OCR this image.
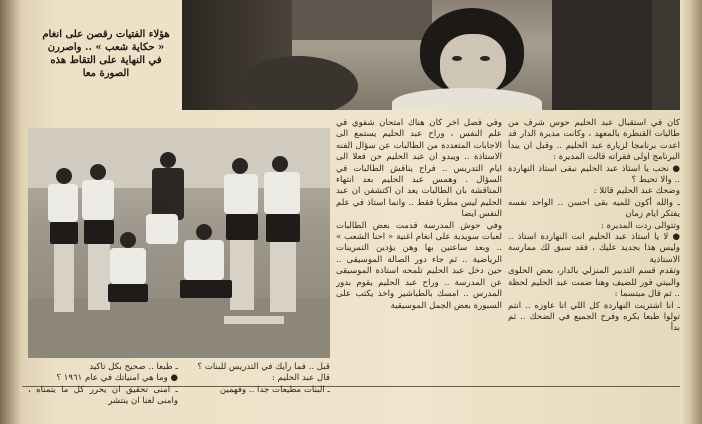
هؤلاء الفتيات رقصن على انغام « حكاية شعب » .. واصررن في النهاية على التقاط هذه الصورة معا

كان في استقبال عبد الحليم حوس شرف من طالبات القنطرة بالمعهد ، وكانت مديرة الدار قد اعدت برنامجا لزيارة عبد الحليم .. وقبل ان يبدأ البرنامج اولى فقراته قالت المديرة :

● نحب يا استاذ عبد الحليم نبقى استاذ النهاردة .. والا تحيط ؟

وضحك عبد الحليم قائلا :

ـ والله أكون للميه بقى احسن .. الواحد نفسه يفتكر ايام زمان

وتتوالى ردت المديرة :

● لا يا استاذ عبد الحليم انت النهاردة استاذ .. وليس هذا بجديد عليك ، فقد سبق لك ممارسة الاستاذية

وتقدم قسم التدبير المنزلي بالدار، بعض الحلوى والبيتي فور للضيف وهنا ضمت عبد الحليم لحظة .. ثم قال مبتسما :

ـ انا اشتريت النهاردة كل اللي انا عاوزه .. انتم تولوا طبعا بكره وفرح الجميع في الضحك .. ثم بدأ

وفي فصل اخر كان هناك امتحان شفوي في علم النفس ، وراح عبد الحليم يستمع الى الاجابات المتعددة من الطالبات عن سؤال الفنه الاستاذة .. ويبدو ان عبد الحليم حن فعلا الى ايام التدريس .. فراح يناقش الطالبات في السؤال . وهمس عبد الحليم بعد انتهاء المناقشة بان الطالبات يعد ان اكتشفن ان عبد الحليم ليس مطربا فقط .. وانما استاذ في علم النفس ايضا

وفي حوش المدرسة قدمت بعض الطالبات لعبات سويدية على انغام اغنية « احنا الشعب » .. وبعد ساعتين بها وهن يؤدين التمرينات الرياضية .. ثم جاء دور الصالة الموسيقى .. حين دخل عبد الحليم تلمحه استاذة الموسيقى عن المدرسة .. وراح عبد الحليم يقوم بدور المدرس .. امسك بالطباشير واخذ يكتب على السبورة بعض الجمل الموسيقية

قبل .. فما رأيك في التدريس للبنات ؟

قال عبد الحليم :

ـ البنات مطيعات جدا .. وفهمين

ـ طبعا .. صحيح بكل تأكيد

● وما هي امنياتك في عام ١٩٦١ ؟

ـ امنى تحقيق ان يحرر كل ما يتمناه ، وامنى لغنا ان ينتشر
